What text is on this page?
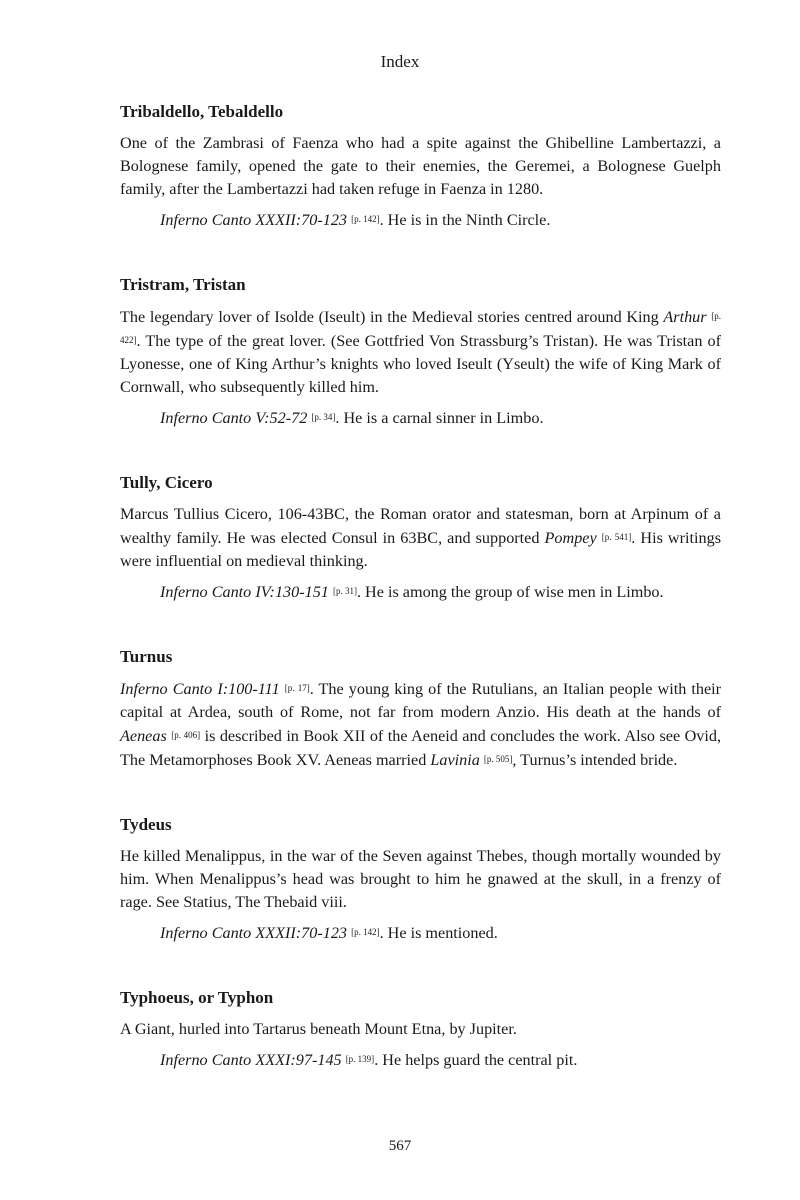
Index
Tribaldello, Tebaldello

One of the Zambrasi of Faenza who had a spite against the Ghibelline Lambertazzi, a Bolognese family, opened the gate to their enemies, the Geremei, a Bolognese Guelph family, after the Lambertazzi had taken refuge in Faenza in 1280.

Inferno Canto XXXII:70-123 [p. 142]. He is in the Ninth Circle.
Tristram, Tristan

The legendary lover of Isolde (Iseult) in the Medieval stories centred around King Arthur [p. 422]. The type of the great lover. (See Gottfried Von Strassburg’s Tristan). He was Tristan of Lyonesse, one of King Arthur’s knights who loved Iseult (Yseult) the wife of King Mark of Cornwall, who subsequently killed him.

Inferno Canto V:52-72 [p. 34]. He is a carnal sinner in Limbo.
Tully, Cicero

Marcus Tullius Cicero, 106-43BC, the Roman orator and statesman, born at Arpinum of a wealthy family. He was elected Consul in 63BC, and supported Pompey [p. 541]. His writings were influential on medieval thinking.

Inferno Canto IV:130-151 [p. 31]. He is among the group of wise men in Limbo.
Turnus

Inferno Canto I:100-111 [p. 17]. The young king of the Rutulians, an Italian people with their capital at Ardea, south of Rome, not far from modern Anzio. His death at the hands of Aeneas [p. 406] is described in Book XII of the Aeneid and concludes the work. Also see Ovid, The Metamorphoses Book XV. Aeneas married Lavinia [p. 505], Turnus’s intended bride.

Tydeus

He killed Menalippus, in the war of the Seven against Thebes, though mortally wounded by him. When Menalippus’s head was brought to him he gnawed at the skull, in a frenzy of rage. See Statius, The Thebaid viii.

Inferno Canto XXXII:70-123 [p. 142]. He is mentioned.
Typhoeus, or Typhon

A Giant, hurled into Tartarus beneath Mount Etna, by Jupiter.

Inferno Canto XXXI:97-145 [p. 139]. He helps guard the central pit.
567
